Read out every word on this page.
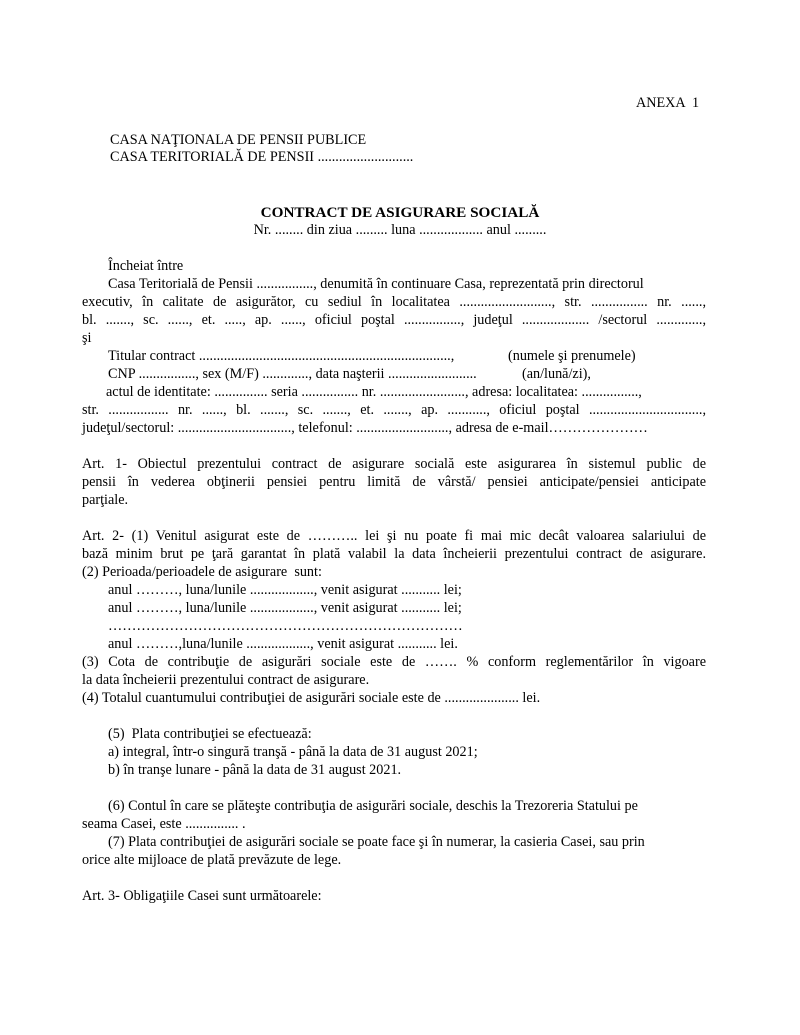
ANEXA  1
CASA NAŢIONALA DE PENSII PUBLICE
CASA TERITORIALĂ DE PENSII ...........................
CONTRACT DE ASIGURARE SOCIALĂ
Nr. ........ din ziua ......... luna .................. anul .........
Încheiat între
Casa Teritorială de Pensii ................, denumită în continuare Casa, reprezentată prin directorul
executiv, în calitate de asigurător, cu sediul în localitatea .........................., str. ................ nr. ......,
bl. ......., sc. ......, et. ....., ap. ......, oficiul poştal ................, judeţul ................... /sectorul .............,
şi
Titular contract .......................................................................,	(numele şi prenumele)
CNP ................, sex (M/F) ............., data naşterii .........................	(an/lună/zi),
actul de identitate: ............... seria ................ nr. ........................, adresa: localitatea: ................,
str. ................. nr. ......, bl. ......., sc. ......., et. ......., ap. ..........., oficiul poştal ................................,
judeţul/sectorul: ................................, telefonul: .........................., adresa de e-mail…………………
Art. 1- Obiectul prezentului contract de asigurare socială este asigurarea în sistemul public de
pensii în vederea obţinerii pensiei pentru limită de vârstă/ pensiei anticipate/pensiei anticipate
parţiale.
Art. 2- (1) Venitul asigurat este de ……….. lei şi nu poate fi mai mic decât valoarea salariului de
bază minim brut pe ţară garantat în plată valabil la data încheierii prezentului contract de asigurare.
(2) Perioada/perioadele de asigurare  sunt:
anul ………, luna/lunile .................., venit asigurat ........... lei;
anul ………, luna/lunile .................., venit asigurat ........... lei;
…………………………………………………………………
anul ………,luna/lunile .................., venit asigurat ........... lei.
(3) Cota de contribuţie de asigurări sociale este de ……. % conform reglementărilor în vigoare
la data încheierii prezentului contract de asigurare.
(4) Totalul cuantumului contribuţiei de asigurări sociale este de ..................... lei.
(5)  Plata contribuţiei se efectuează:
a) integral, într-o singură tranşă - până la data de 31 august 2021;
b) în tranşe lunare - până la data de 31 august 2021.
(6) Contul în care se plăteşte contribuţia de asigurări sociale, deschis la Trezoreria Statului pe
seama Casei, este ............... .
(7) Plata contribuţiei de asigurări sociale se poate face şi în numerar, la casieria Casei, sau prin
orice alte mijloace de plată prevăzute de lege.
Art. 3- Obligaţiile Casei sunt următoarele:
